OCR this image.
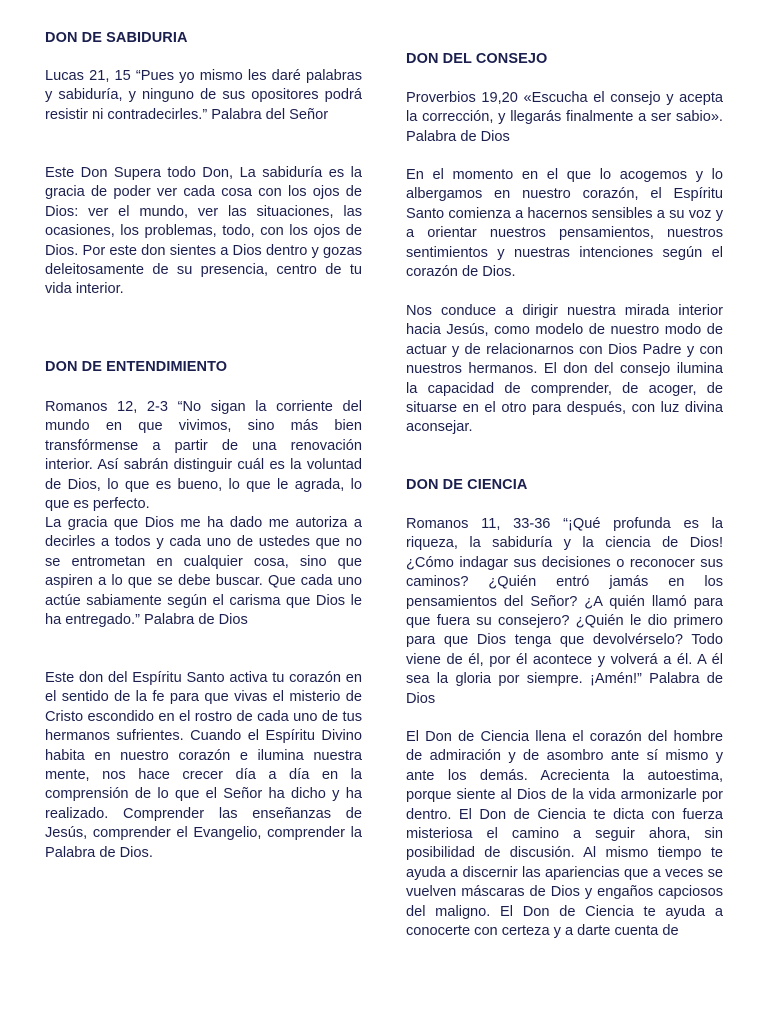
DON DE SABIDURIA

Lucas 21, 15 “Pues yo mismo les daré palabras y sabiduría, y ninguno de sus opositores podrá resistir ni contradecirles.” Palabra del Señor

Este Don Supera todo Don, La sabiduría es la gracia de poder ver cada cosa con los ojos de Dios: ver el mundo, ver las situaciones, las ocasiones, los problemas, todo, con los ojos de Dios. Por este don sientes a Dios dentro y gozas deleitosamente de su presencia, centro de tu vida interior.

DON DE ENTENDIMIENTO

Romanos 12, 2-3 “No sigan la corriente del mundo en que vivimos, sino más bien transfórmense a partir de una renovación interior. Así sabrán distinguir cuál es la voluntad de Dios, lo que es bueno, lo que le agrada, lo que es perfecto.

La gracia que Dios me ha dado me autoriza a decirles a todos y cada uno de ustedes que no se entrometan en cualquier cosa, sino que aspiren a lo que se debe buscar. Que cada uno actúe sabiamente según el carisma que Dios le ha entregado.” Palabra de Dios

Este don del Espíritu Santo activa tu corazón en el sentido de la fe para que vivas el misterio de Cristo escondido en el rostro de cada uno de tus hermanos sufrientes. Cuando el Espíritu Divino habita en nuestro corazón e ilumina nuestra mente, nos hace crecer día a día en la comprensión de lo que el Señor ha dicho y ha realizado. Comprender las enseñanzas de Jesús, comprender el Evangelio, comprender la Palabra de Dios.

DON DEL CONSEJO

Proverbios 19,20 «Escucha el consejo y acepta la corrección, y llegarás finalmente a ser sabio». Palabra de Dios

En el momento en el que lo acogemos y lo albergamos en nuestro corazón, el Espíritu Santo comienza a hacernos sensibles a su voz y a orientar nuestros pensamientos, nuestros sentimientos y nuestras intenciones según el corazón de Dios.

Nos conduce a dirigir nuestra mirada interior hacia Jesús, como modelo de nuestro modo de actuar y de relacionarnos con Dios Padre y con nuestros hermanos. El don del consejo ilumina la capacidad de comprender, de acoger, de situarse en el otro para después, con luz divina aconsejar.

DON DE CIENCIA

Romanos 11, 33-36 “¡Qué profunda es la riqueza, la sabiduría y la ciencia de Dios! ¿Cómo indagar sus decisiones o reconocer sus caminos? ¿Quién entró jamás en los pensamientos del Señor? ¿A quién llamó para que fuera su consejero? ¿Quién le dio primero para que Dios tenga que devolvérselo? Todo viene de él, por él acontece y volverá a él. A él sea la gloria por siempre. ¡Amén!” Palabra de Dios

El Don de Ciencia llena el corazón del hombre de admiración y de asombro ante sí mismo y ante los demás. Acrecienta la autoestima, porque siente al Dios de la vida armonizarle por dentro. El Don de Ciencia te dicta con fuerza misteriosa el camino a seguir ahora, sin posibilidad de discusión. Al mismo tiempo te ayuda a discernir las apariencias que a veces se vuelven máscaras de Dios y engaños capciosos del maligno. El Don de Ciencia te ayuda a conocerte con certeza y a darte cuenta de
